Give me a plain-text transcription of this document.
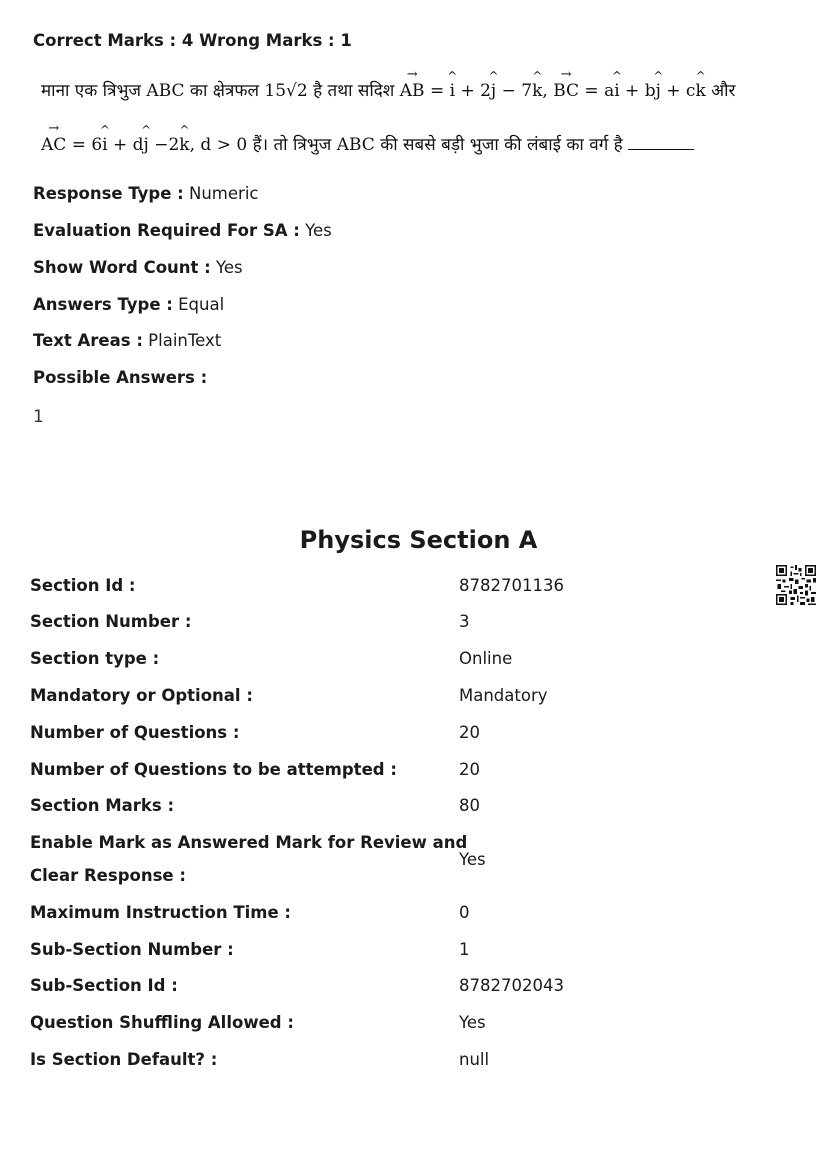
Correct Marks : 4 Wrong Marks : 1
माना एक त्रिभुज ABC का क्षेत्रफल 15√2 है तथा सदिश → AB = ^ i + 2^ j − 7^ k, → BC = a^ i + b^ j + c^ k और
→ AC = 6^ i + d^ j −2^ k, d > 0 हैं। तो त्रिभुज ABC की सबसे बड़ी भुजा की लंबाई का वर्ग है
Response Type : Numeric
Evaluation Required For SA : Yes
Show Word Count : Yes
Answers Type : Equal
Text Areas : PlainText
Possible Answers :
1
Physics Section A
Section Id :	8782701136
Section Number :	3
Section type :	Online
Mandatory or Optional :	Mandatory
Number of Questions :	20
Number of Questions to be attempted :	20
Section Marks :	80
Enable Mark as Answered Mark for Review and
Clear Response :
Yes
Maximum Instruction Time :	0
Sub-Section Number :	1
Sub-Section Id :	8782702043
Question Shuffling Allowed :	Yes
Is Section Default? :	null
